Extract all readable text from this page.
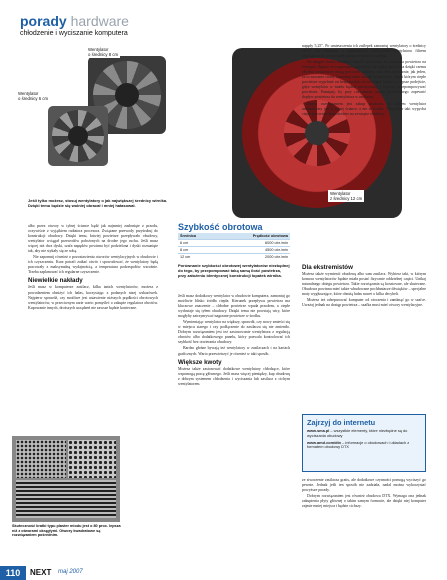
porady hardware
chłodzenie i wyciszanie komputera
Wentylator
o średnicy 8 cm
Wentylator
o średnicy 6 cm
Wentylator
z średnicy 12 cm
Jeśli tylko możesz, stosuj wentylatory o jak największej średnicy wirnika. Dzięki temu będzie się wolniej obracał i mniej hałasował.

albo przez otwory w tylnej ściance bądź jak najmniej zasłonięte z przodu, oczywiście z wyjątkiem radiatora procesora. Związane przewody przyśrubuj do konstrukcji obudowy. Dzięki temu, łatwiej powietrze przepływało obudowy, wentylator wciągał przewodów położonych na drodze jego ruchu. Jeśli masz więcej niż dwa dyski, szafa napędów powinna być podzielona i dyski rozsunięte tak, aby nie stykały się ze sobą.

Nie zapomnij również o pozostawieniu otworów wentylacyjnych w obudowie i ich czyszczeniu. Kurz potrafi zatkać otwór i spowodować, że wentylatory będą pracowały z maksymalną wydajnością, a temperatura podzespołów wzrośnie. Trzeba zaplanować ich regularne czyszczenie.

Niewielkie nakłady

Jeśli masz w komputerze zasilacz, kilka tanich wentylatorów, możesz z powodzeniem obniżyć ich hałas, korzystając z podanych nizej wskazówek. Najpierw sprawdź, czy możliwe jest ustawienie niższych prędkości obrotowych wentylatorów, w przeciwnym razie warto pomyśleć o zakupie regulatora obrotów. Kupowanie innych, droższych urządzeń nie zawsze będzie konieczne.

Skuteczność kratki typu plaster miodu jest o 80 proc. lepsza niż z otworami okrągłymi. Otwory kwadratowe są rozwiązaniem pośrednim.
Szybkość obrotowa
Średnica	Prędkość obrotowa
6 cm	6000 obr./min
8 cm	4500 obr./min
12 cm	2000 obr./min
Porównanie szybkości obrotowej wentylatorów niezbędnej do tego, by przepompować taką samą ilość powietrza, przy założeniu identycznej konstrukcji łopatek wirnika.

Jeśli masz dodatkowy wentylator w obudowie komputera, zamontuj go możliwie blisko źródła ciepła. Kierunek przepływu powietrza ma kluczowe znaczenie – chłodne powietrze wpada przodem, a ciepłe wydostaje się tyłem obudowy. Dzięki temu nie powstają wiry, które mogłyby zatrzymywać nagrzane powietrze w środku.

Wymieniając wentylator na większy, sprawdź, czy nowy zmieści się w miejscu starego i czy podłączenie do zasilacza się nie zmieniło. Dobrym rozwiązaniem jest też zastosowanie wentylatora z regulacją obrotów albo dodatkowego panelu, który pozwala kontrolować ich szybkość bez otwierania obudowy.

Bardzo głośne bywają też wentylatory w zasilaczach i na kartach graficznych. Warto przewietrzyć je również w taki sposób.

Większe kwoty

Możesz także zastosować dodatkowe wentylatory chłodzące, które wspomogą pracę głównego. Jeśli masz więcej pieniędzy, kup obudowę z dobrym systemem chłodzenia i wyciszania lub zasilacz z cichym wentylatorem.

napędy 5,25". Po umieszczeniu ich zaślepek zamontuj wentylatory o średnicy 10-12 cm. Pamiętaj o konieczności zachowania wentylatora filtrem antykurzowym, a pozostałe miejsca metalową zasłoną.

Na drugim końcu obudowy umieść wentylator do usuwania powietrza na zewnątrz. Będzie on wspomagał prawidłowy przepływ powietrza dzięki czemu obydwa wentylatory mogą pracować wolniej i tak samo skutecznie, jak jeden, za to znacznie ciszej. Zamontuj także kanały do zasilacza, dzięki którym ciepłe powietrze wypchnie on bezpośrednio na zewnątrz. Będzie to lepsze podejście, gdyż wentylator w tunelu będzie intensywniej i szybciej przepompowywać powietrze. Pamiętaj, by przy rozważaniu tunelu powietrznego zapewnić dopływ powietrza do wentylatora w zasilaczu.

Innym rozwiązaniem jest zakup zasilacza, w którym wentylator umieszczony jest w tylnej ściance, a nie w środku. Wentylator taki wypycha ciepłe powietrze bezpośrednio na zewnątrz obudowy.

Dla ekstremistów

Możesz także wymienić obudowę albo sam zasilacz. Wybierz taki, w którym komora wentylatorów będzie miała postać fizycznie oddzielnej części. Unikaj naturalnego obiegu powietrza. Takie rozwiązania są kosztowne, ale skuteczne. Obudowa powinna mieć także wbudowane pochłaniacze dźwięków – specjalne maty wygłuszające, które obniżą hałas nawet o kilka decybeli.

Możesz też odseparować komputer od otoczenia i zamknąć go w szafce. Uważaj jednak na dostęp powietrza – szafka musi mieć otwory wentylacyjne.

Zajrzyj do internetu
www.sma.pl – wszystkie elementy, które niezbędne są do wyciszania obudowy
www.amd.com/dtx – informacje o obudowach i układach z formatem obudowy DTX

ze stworzenie zasilacza gratis, ale dodatkowe czynności pomogą wyciszyć go pewnie. Jednak jeśli ten sposób nie zadziała, nadal można wykorzystać powyższe porady.

Dobrym rozwiązaniem jest również obudowa DTX. Wymaga ona jednak zakupienia płyty głównej o takim samym formacie, ale dzięki niej komputer zajmie mniej miejsca i będzie cichszy.

110	NEXT maj 2007
